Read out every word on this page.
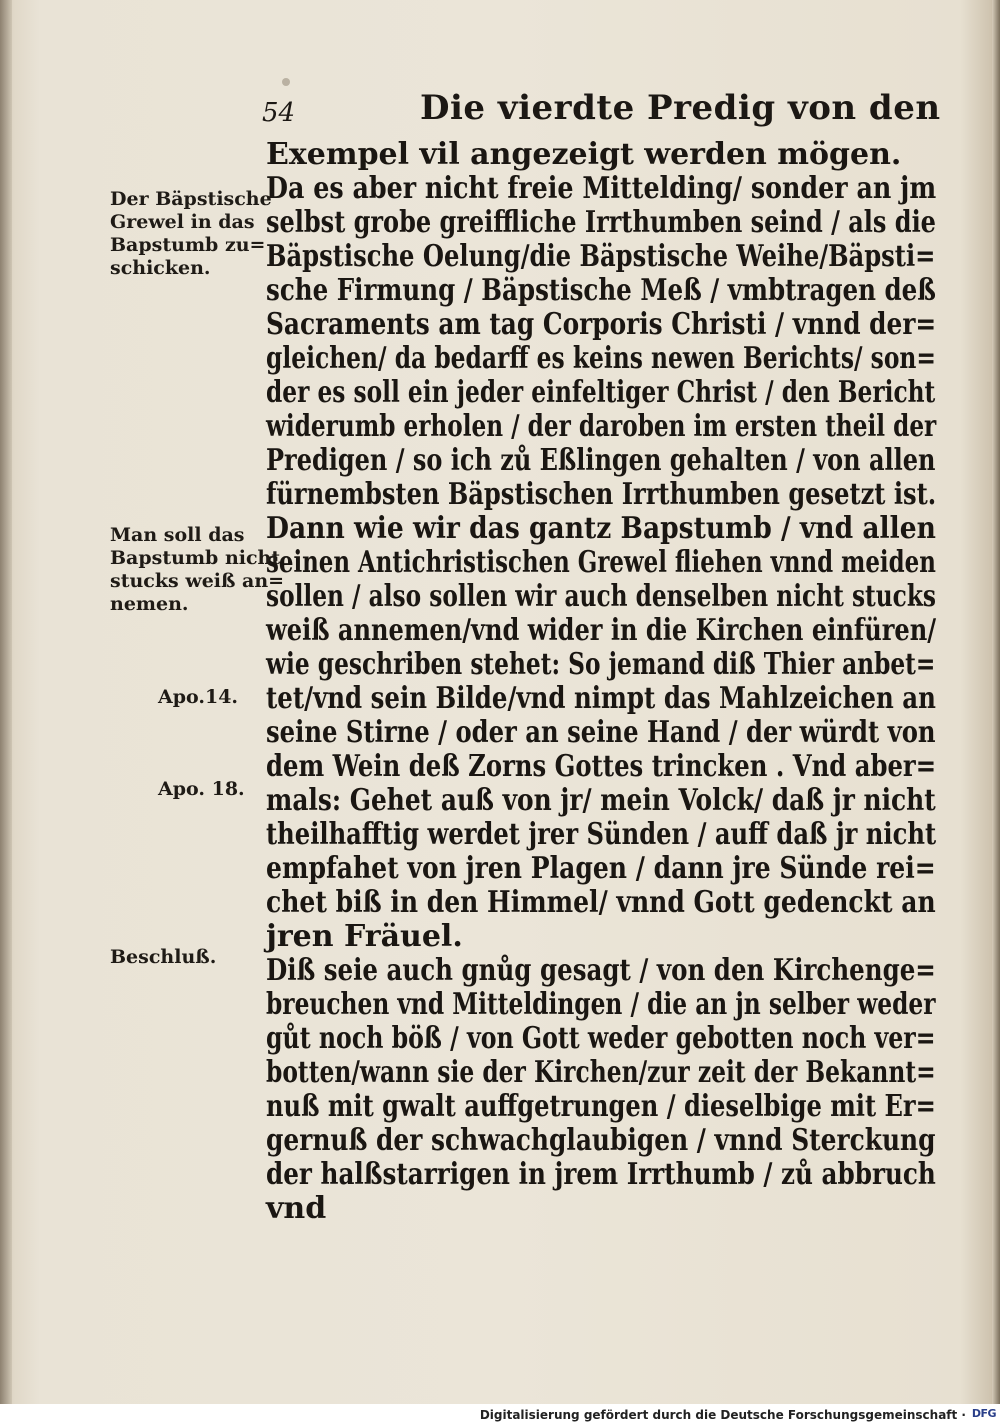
54	Die vierdte Predig von den
Exempel vil angezeigt werden mögen.
Da es aber nicht freie Mittelding/ sonder an jm
selbst grobe greiffliche Irrthumben seind / als die
Bäpstische Oelung/die Bäpstische Weihe/Bäpsti=
sche Firmung / Bäpstische Meß / vmbtragen deß
Sacraments am tag Corporis Christi / vnnd der=
gleichen/ da bedarff es keins newen Berichts/ son=
der es soll ein jeder einfeltiger Christ / den Bericht
widerumb erholen / der daroben im ersten theil der
Predigen / so ich zů Eßlingen gehalten / von allen
fürnembsten Bäpstischen Irrthumben gesetzt ist.
Dann wie wir das gantz Bapstumb / vnd allen
seinen Antichristischen Grewel fliehen vnnd meiden
sollen / also sollen wir auch denselben nicht stucks
weiß annemen/vnd wider in die Kirchen einfüren/
wie geschriben stehet: So jemand diß Thier anbet=
tet/vnd sein Bilde/vnd nimpt das Mahlzeichen an
seine Stirne / oder an seine Hand / der würdt von
dem Wein deß Zorns Gottes trincken . Vnd aber=
mals: Gehet auß von jr/ mein Volck/ daß jr nicht
theilhafftig werdet jrer Sünden / auff daß jr nicht
empfahet von jren Plagen / dann jre Sünde rei=
chet biß in den Himmel/ vnnd Gott gedenckt an
jren Fräuel.
Diß seie auch gnůg gesagt / von den Kirchenge=
breuchen vnd Mitteldingen / die an jn selber weder
gůt noch böß / von Gott weder gebotten noch ver=
botten/wann sie der Kirchen/zur zeit der Bekannt=
nuß mit gwalt auffgetrungen / dieselbige mit Er=
gernuß der schwachglaubigen / vnnd Sterckung
der halßstarrigen in jrem Irrthumb / zů abbruch
vnd
Der Bäpstische
Grewel in das
Bapstumb zu=
schicken.
Man soll das
Bapstumb nicht
stucks weiß an=
nemen.
Apo.14.
Apo. 18.
Beschluß.
Digitalisierung gefördert durch die Deutsche Forschungsgemeinschaft · DFG
